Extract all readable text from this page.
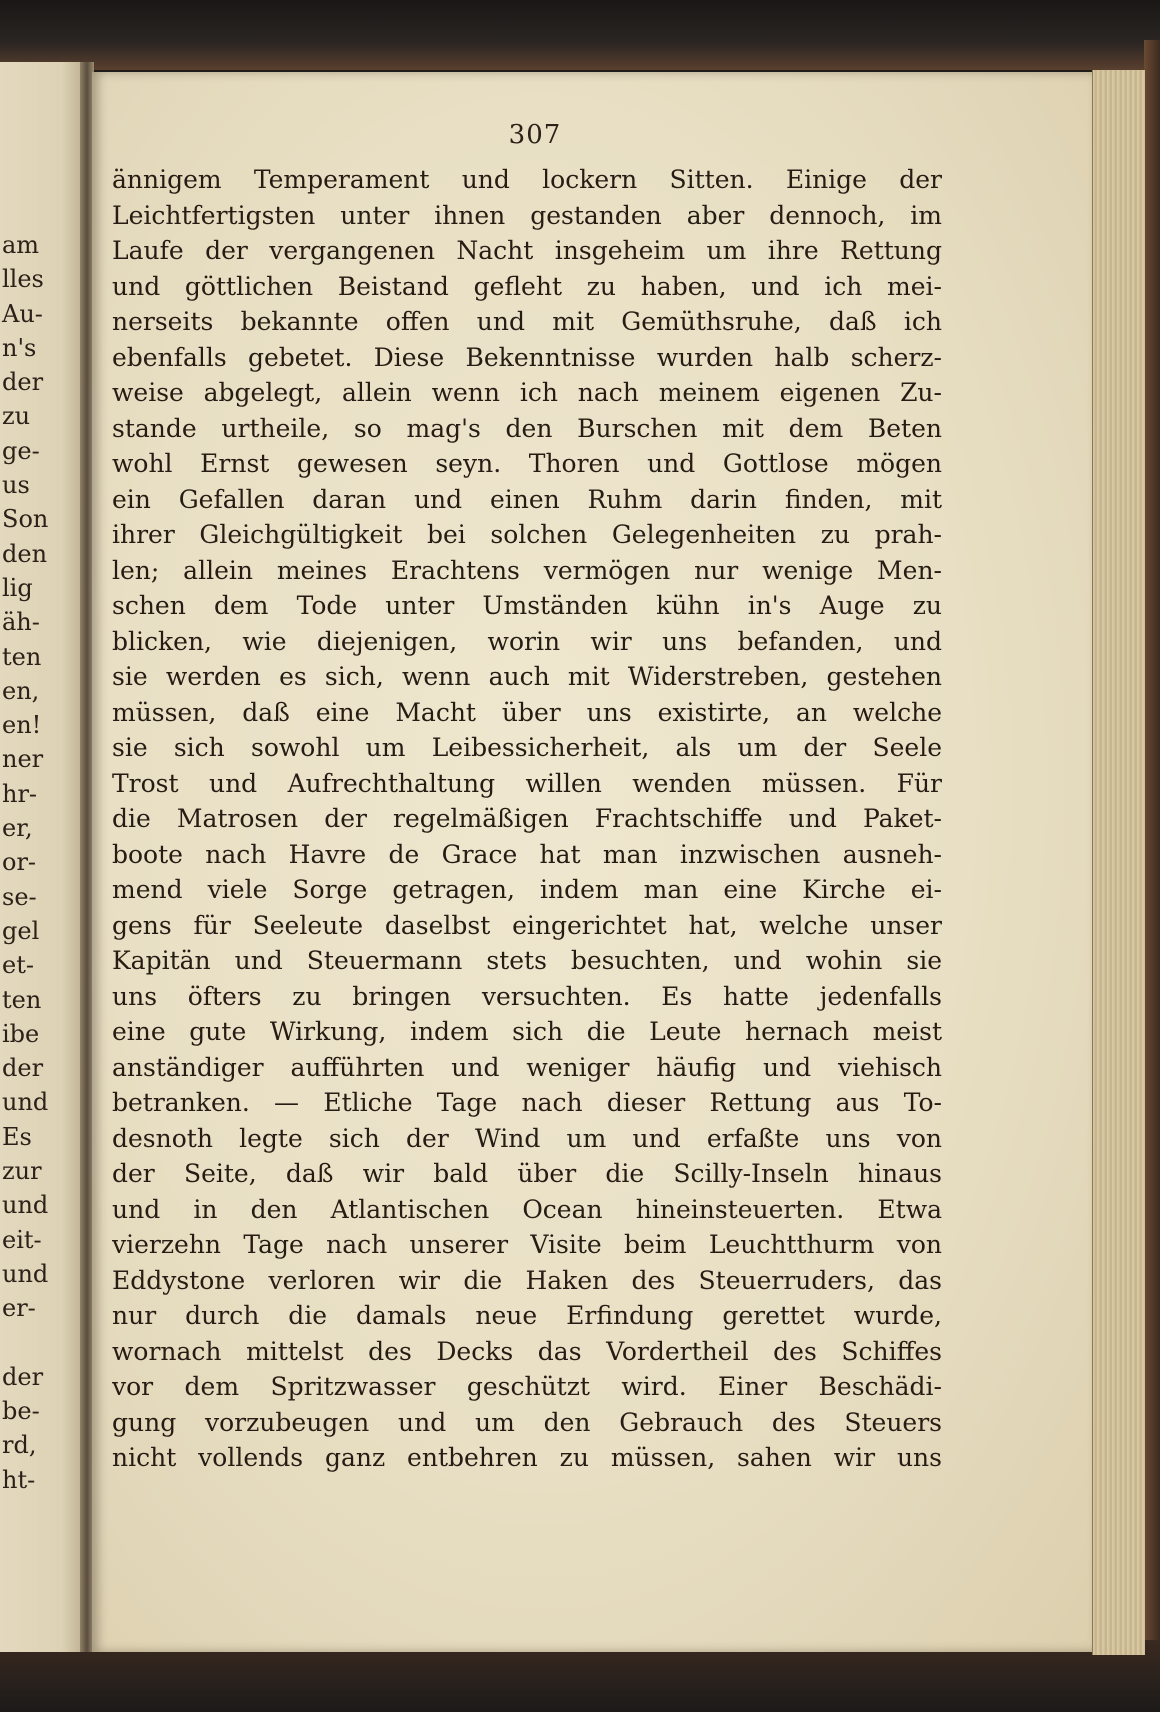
am
lles
Au-
n's
der
zu
ge-
us
Son
den
lig
äh-
ten
en,
en!
ner
hr-
er,
or-
se-
gel
et-
ten
ibe
der
und
Es
zur
und
eit-
und
er-
der
be-
rd,
ht-
307
ännigem Temperament und lockern Sitten. Einige der
Leichtfertigsten unter ihnen gestanden aber dennoch, im
Laufe der vergangenen Nacht insgeheim um ihre Rettung
und göttlichen Beistand gefleht zu haben, und ich mei-
nerseits bekannte offen und mit Gemüthsruhe, daß ich
ebenfalls gebetet. Diese Bekenntnisse wurden halb scherz-
weise abgelegt, allein wenn ich nach meinem eigenen Zu-
stande urtheile, so mag's den Burschen mit dem Beten
wohl Ernst gewesen seyn. Thoren und Gottlose mögen
ein Gefallen daran und einen Ruhm darin finden, mit
ihrer Gleichgültigkeit bei solchen Gelegenheiten zu prah-
len; allein meines Erachtens vermögen nur wenige Men-
schen dem Tode unter Umständen kühn in's Auge zu
blicken, wie diejenigen, worin wir uns befanden, und
sie werden es sich, wenn auch mit Widerstreben, gestehen
müssen, daß eine Macht über uns existirte, an welche
sie sich sowohl um Leibessicherheit, als um der Seele
Trost und Aufrechthaltung willen wenden müssen. Für
die Matrosen der regelmäßigen Frachtschiffe und Paket-
boote nach Havre de Grace hat man inzwischen ausneh-
mend viele Sorge getragen, indem man eine Kirche ei-
gens für Seeleute daselbst eingerichtet hat, welche unser
Kapitän und Steuermann stets besuchten, und wohin sie
uns öfters zu bringen versuchten. Es hatte jedenfalls
eine gute Wirkung, indem sich die Leute hernach meist
anständiger aufführten und weniger häufig und viehisch
betranken. — Etliche Tage nach dieser Rettung aus To-
desnoth legte sich der Wind um und erfaßte uns von
der Seite, daß wir bald über die Scilly-Inseln hinaus
und in den Atlantischen Ocean hineinsteuerten. Etwa
vierzehn Tage nach unserer Visite beim Leuchtthurm von
Eddystone verloren wir die Haken des Steuerruders, das
nur durch die damals neue Erfindung gerettet wurde,
wornach mittelst des Decks das Vordertheil des Schiffes
vor dem Spritzwasser geschützt wird. Einer Beschädi-
gung vorzubeugen und um den Gebrauch des Steuers
nicht vollends ganz entbehren zu müssen, sahen wir uns
